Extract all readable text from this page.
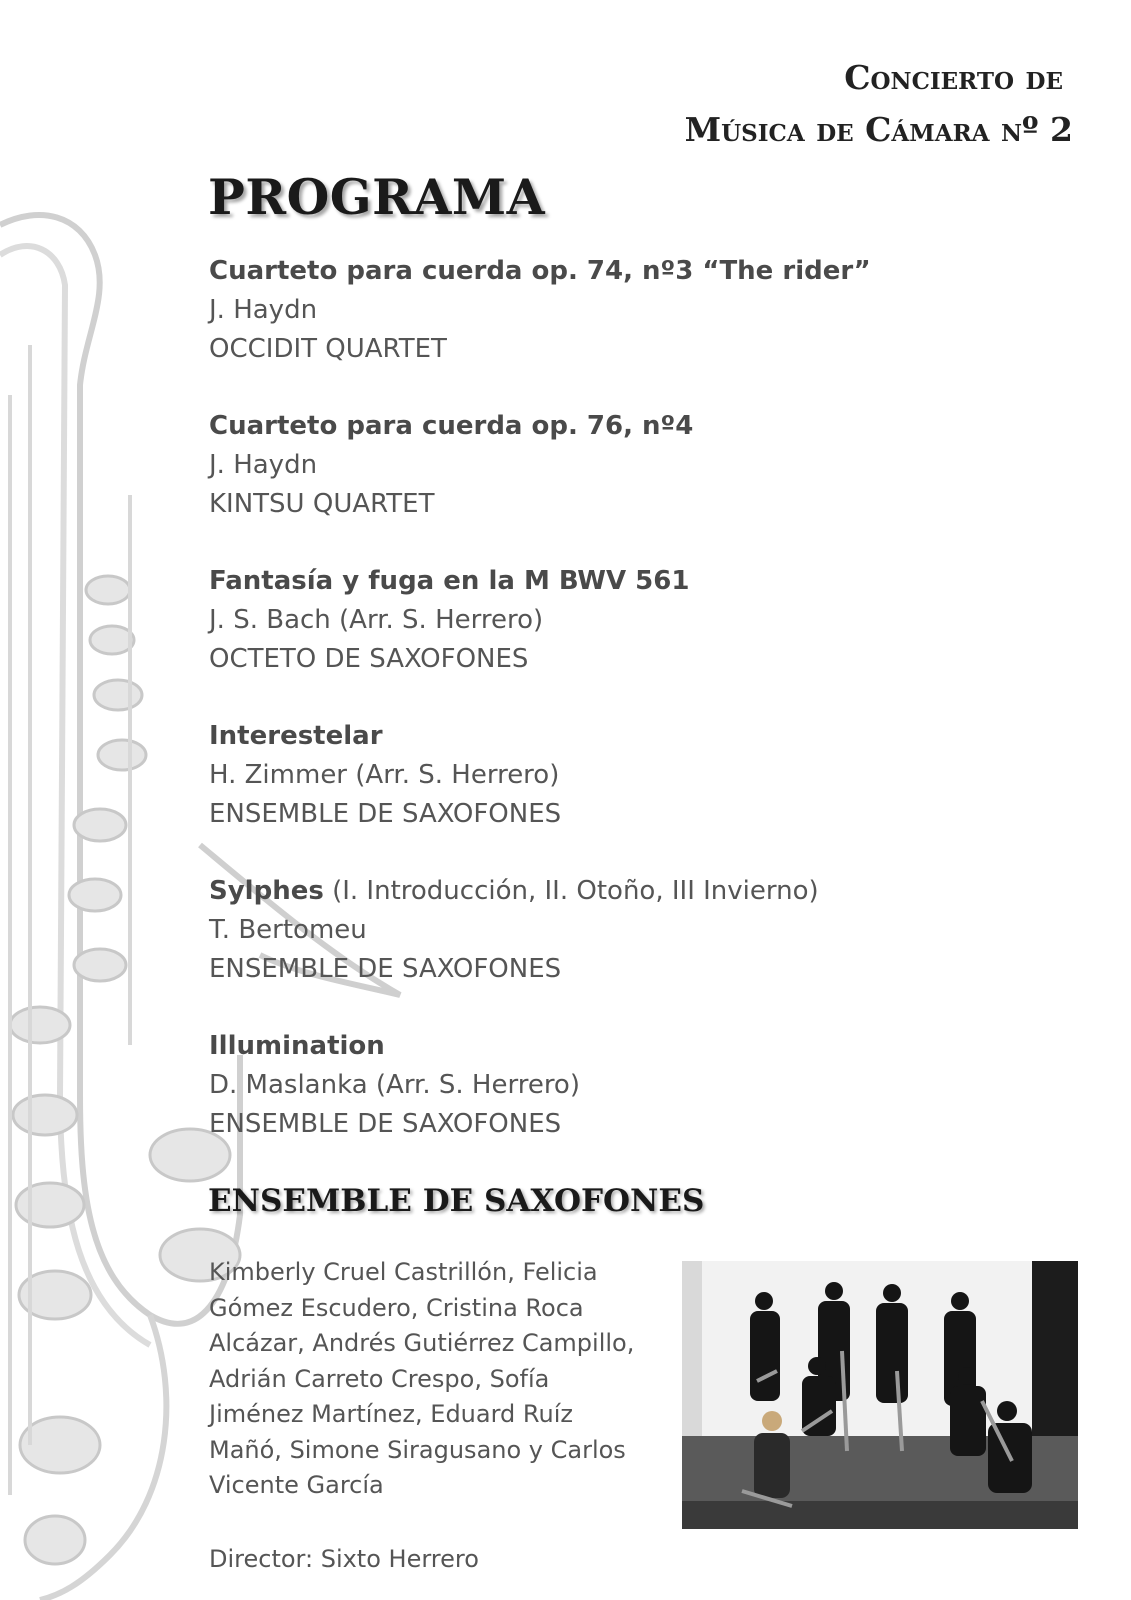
Concierto de
Música de Cámara nº 2
PROGRAMA
Cuarteto para cuerda op. 74, nº3 “The rider”
J. Haydn
OCCIDIT QUARTET
Cuarteto para cuerda op. 76, nº4
J. Haydn
KINTSU QUARTET
Fantasía y fuga en la M BWV 561
J. S. Bach (Arr. S. Herrero)
OCTETO DE SAXOFONES
Interestelar
H. Zimmer (Arr. S. Herrero)
ENSEMBLE DE SAXOFONES
Sylphes (I. Introducción, II. Otoño, III Invierno)
T. Bertomeu
ENSEMBLE DE SAXOFONES
Illumination
D. Maslanka (Arr. S. Herrero)
ENSEMBLE DE SAXOFONES
ENSEMBLE DE SAXOFONES
Kimberly Cruel Castrillón, Felicia
Gómez Escudero, Cristina Roca
Alcázar, Andrés Gutiérrez Campillo,
Adrián Carreto Crespo, Sofía
Jiménez Martínez, Eduard Ruíz
Mañó, Simone Siragusano y Carlos
Vicente García
Director: Sixto Herrero
